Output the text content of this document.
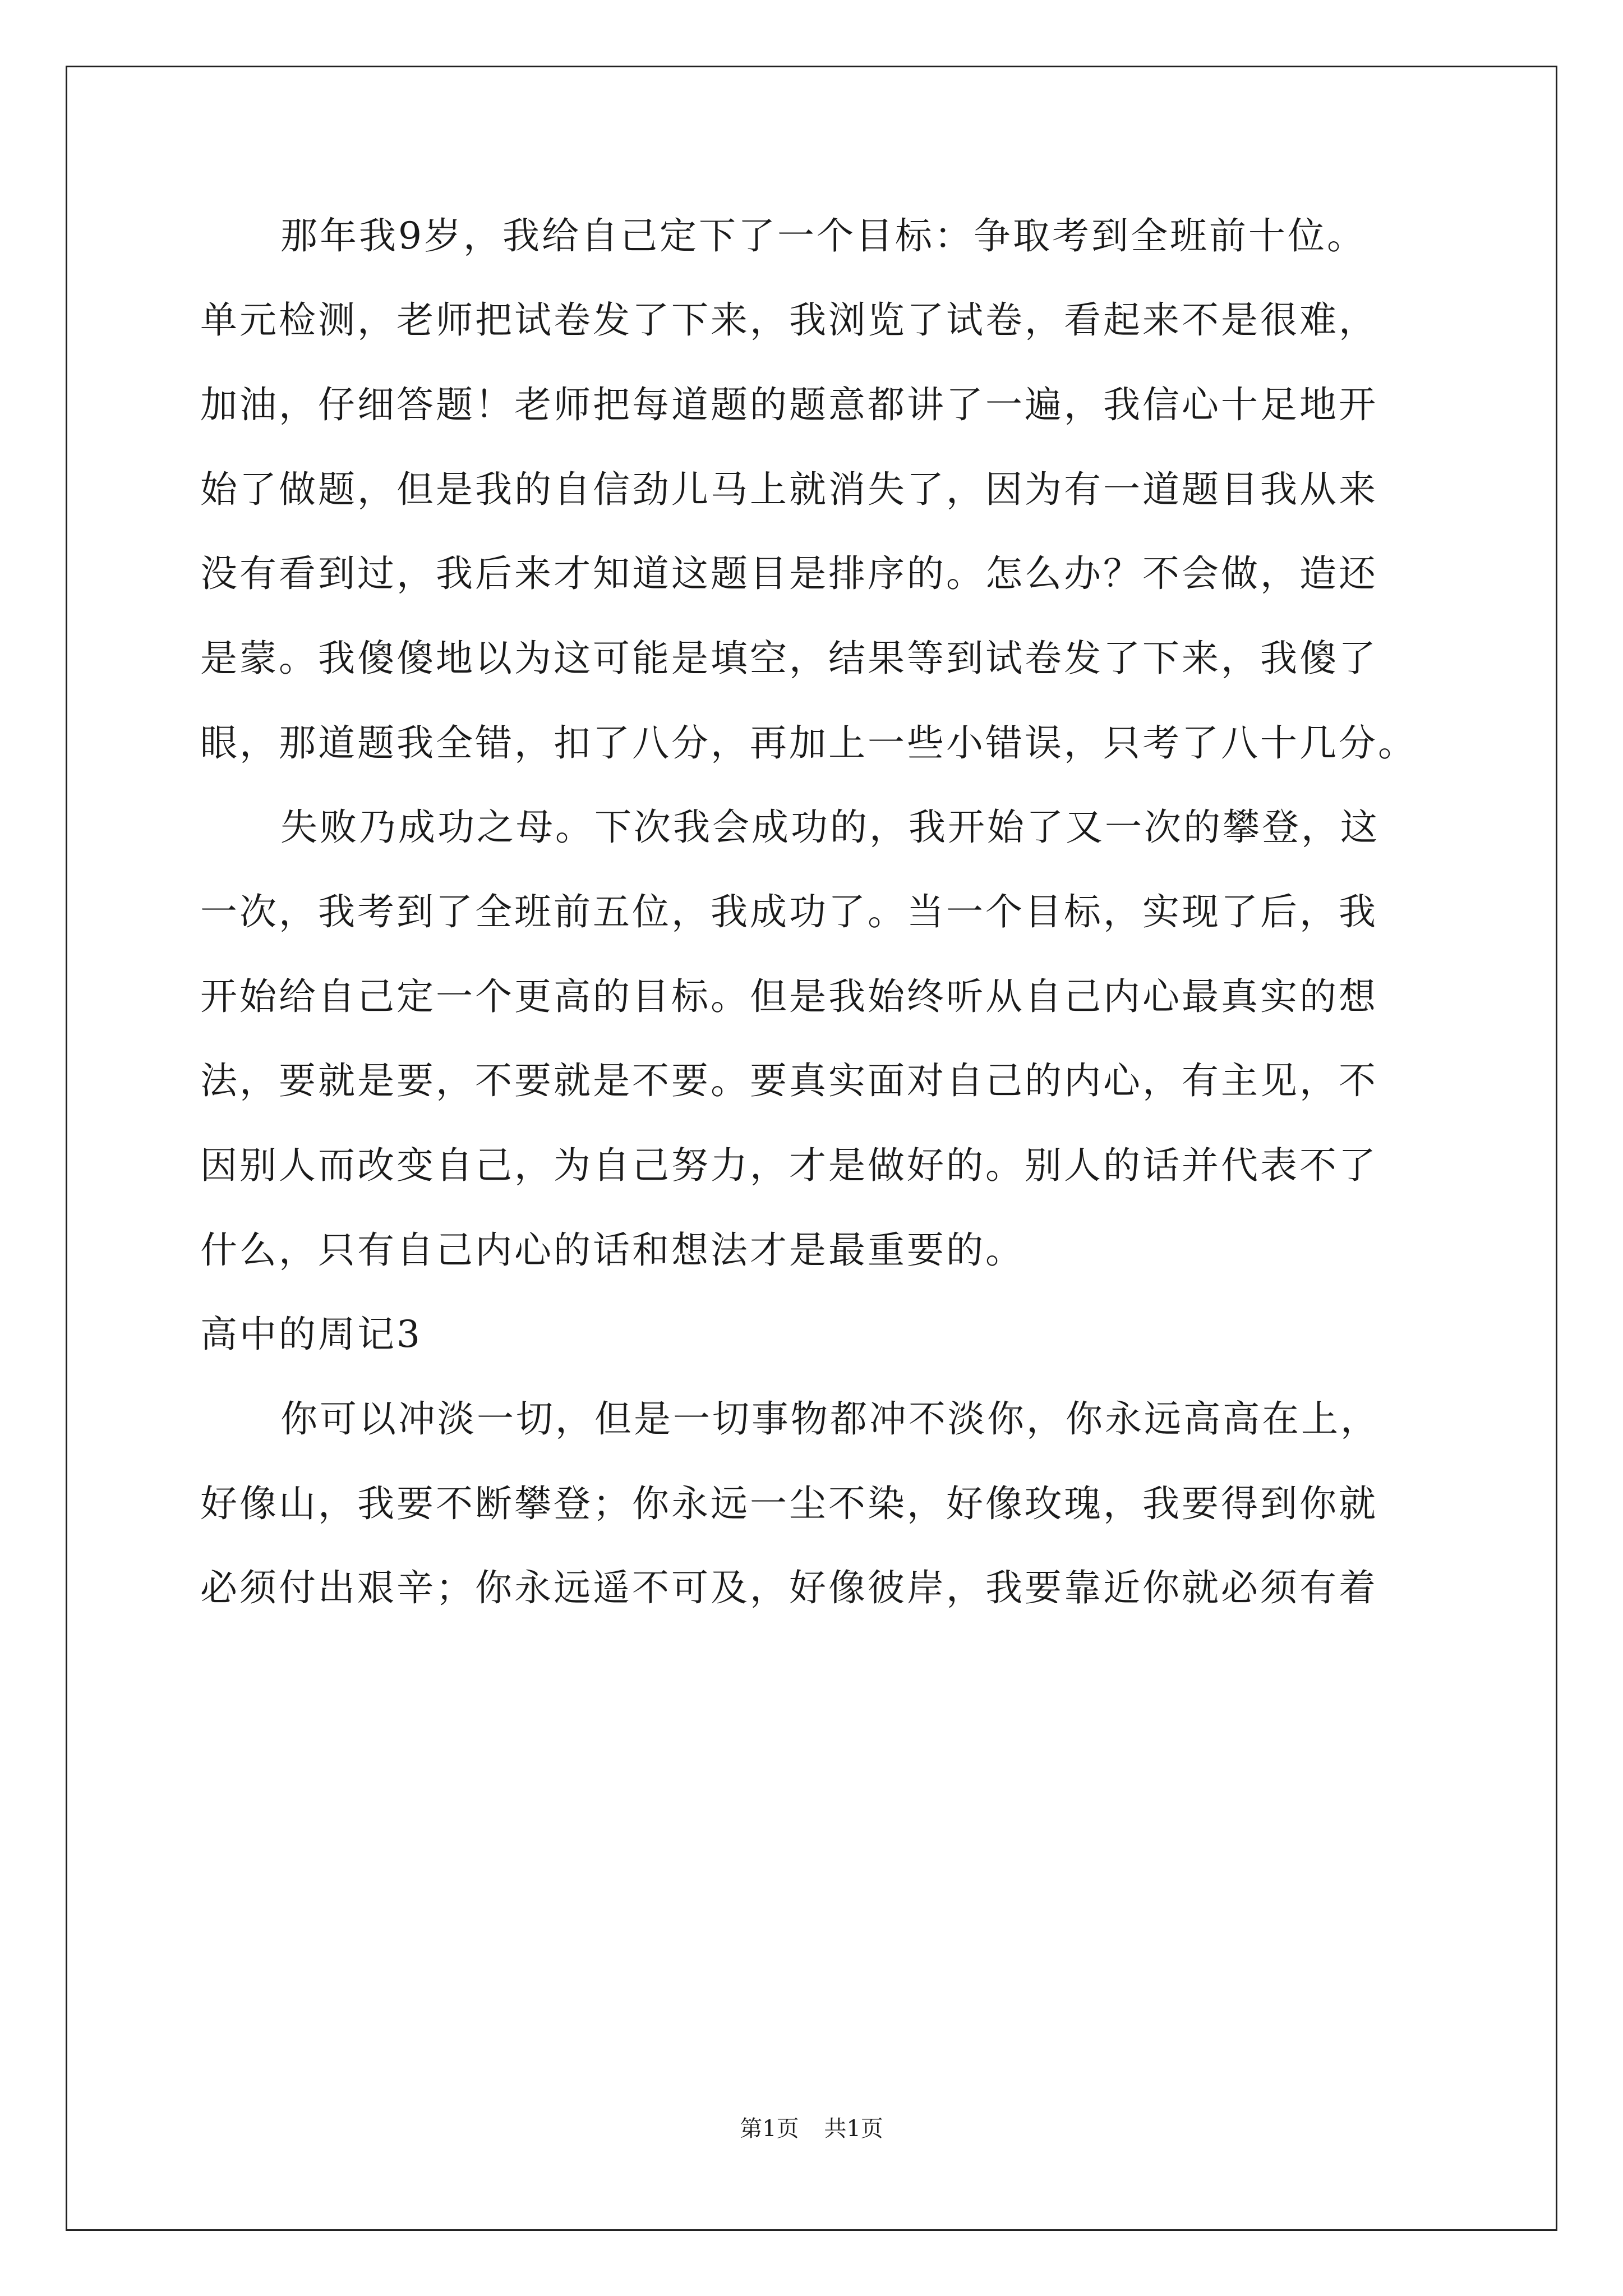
那年我9岁，我给自己定下了一个目标：争取考到全班前十位。
单元检测，老师把试卷发了下来，我浏览了试卷，看起来不是很难，
加油，仔细答题！老师把每道题的题意都讲了一遍，我信心十足地开
始了做题，但是我的自信劲儿马上就消失了，因为有一道题目我从来
没有看到过，我后来才知道这题目是排序的。怎么办？不会做，造还
是蒙。我傻傻地以为这可能是填空，结果等到试卷发了下来，我傻了
眼，那道题我全错，扣了八分，再加上一些小错误，只考了八十几分。
失败乃成功之母。下次我会成功的，我开始了又一次的攀登，这
一次，我考到了全班前五位，我成功了。当一个目标，实现了后，我
开始给自己定一个更高的目标。但是我始终听从自己内心最真实的想
法，要就是要，不要就是不要。要真实面对自己的内心，有主见，不
因别人而改变自己，为自己努力，才是做好的。别人的话并代表不了
什么，只有自己内心的话和想法才是最重要的。
高中的周记3
你可以冲淡一切，但是一切事物都冲不淡你，你永远高高在上，
好像山，我要不断攀登；你永远一尘不染，好像玫瑰，我要得到你就
必须付出艰辛；你永远遥不可及，好像彼岸，我要靠近你就必须有着
第1页 共1页
